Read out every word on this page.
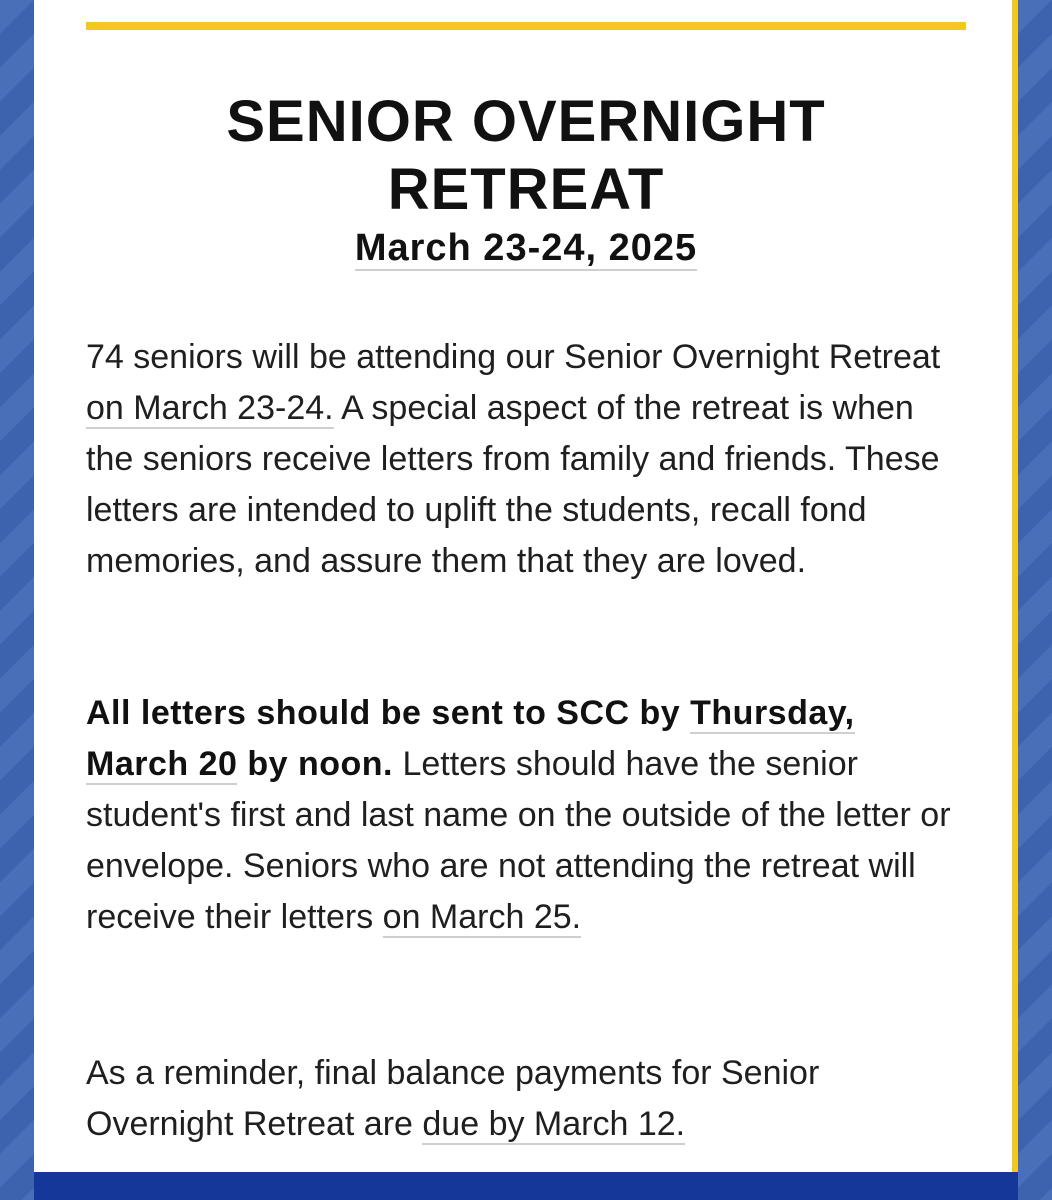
SENIOR OVERNIGHT
RETREAT
March 23-24, 2025

74 seniors will be attending our Senior Overnight Retreat on March 23-24. A special aspect of the retreat is when the seniors receive letters from family and friends. These letters are intended to uplift the students, recall fond memories, and assure them that they are loved.

All letters should be sent to SCC by Thursday, March 20 by noon. Letters should have the senior student's first and last name on the outside of the letter or envelope. Seniors who are not attending the retreat will receive their letters on March 25.

As a reminder, final balance payments for Senior Overnight Retreat are due by March 12.
